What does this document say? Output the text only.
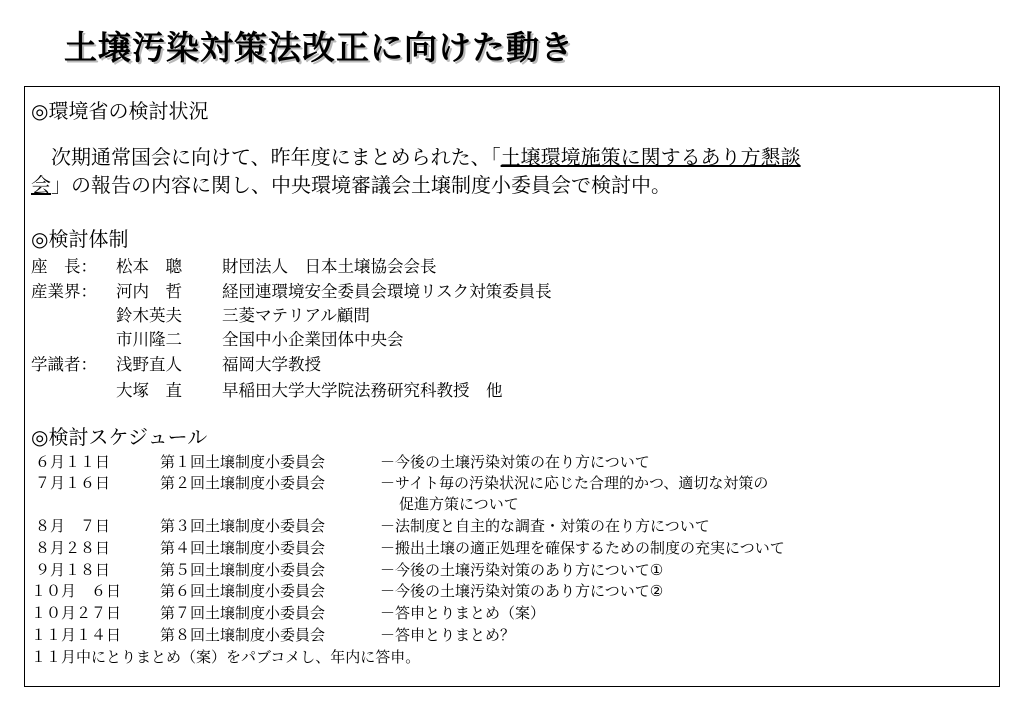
土壌汚染対策法改正に向けた動き
◎環境省の検討状況
　次期通常国会に向けて、昨年度にまとめられた、「土壌環境施策に関するあり方懇談
会」の報告の内容に関し、中央環境審議会土壌制度小委員会で検討中。
◎検討体制
座　長： 松本　聰 財団法人　日本土壌協会会長
産業界： 河内　哲 経団連環境安全委員会環境リスク対策委員長
鈴木英夫 三菱マテリアル顧問
市川隆二 全国中小企業団体中央会
学識者： 浅野直人 福岡大学教授
大塚　直 早稲田大学大学院法務研究科教授　他
◎検討スケジュール
６月１１日	第１回土壌制度小委員会	－今後の土壌汚染対策の在り方について
７月１６日	第２回土壌制度小委員会	－サイト毎の汚染状況に応じた合理的かつ、適切な対策の
促進方策について
８月　７日	第３回土壌制度小委員会	－法制度と自主的な調査・対策の在り方について
８月２８日	第４回土壌制度小委員会	－搬出土壌の適正処理を確保するための制度の充実について
９月１８日	第５回土壌制度小委員会	－今後の土壌汚染対策のあり方について①
１０月　６日	第６回土壌制度小委員会	－今後の土壌汚染対策のあり方について②
１０月２７日	第７回土壌制度小委員会	－答申とりまとめ（案）
１１月１４日	第８回土壌制度小委員会	－答申とりまとめ？
１１月中にとりまとめ（案）をパブコメし、年内に答申。
